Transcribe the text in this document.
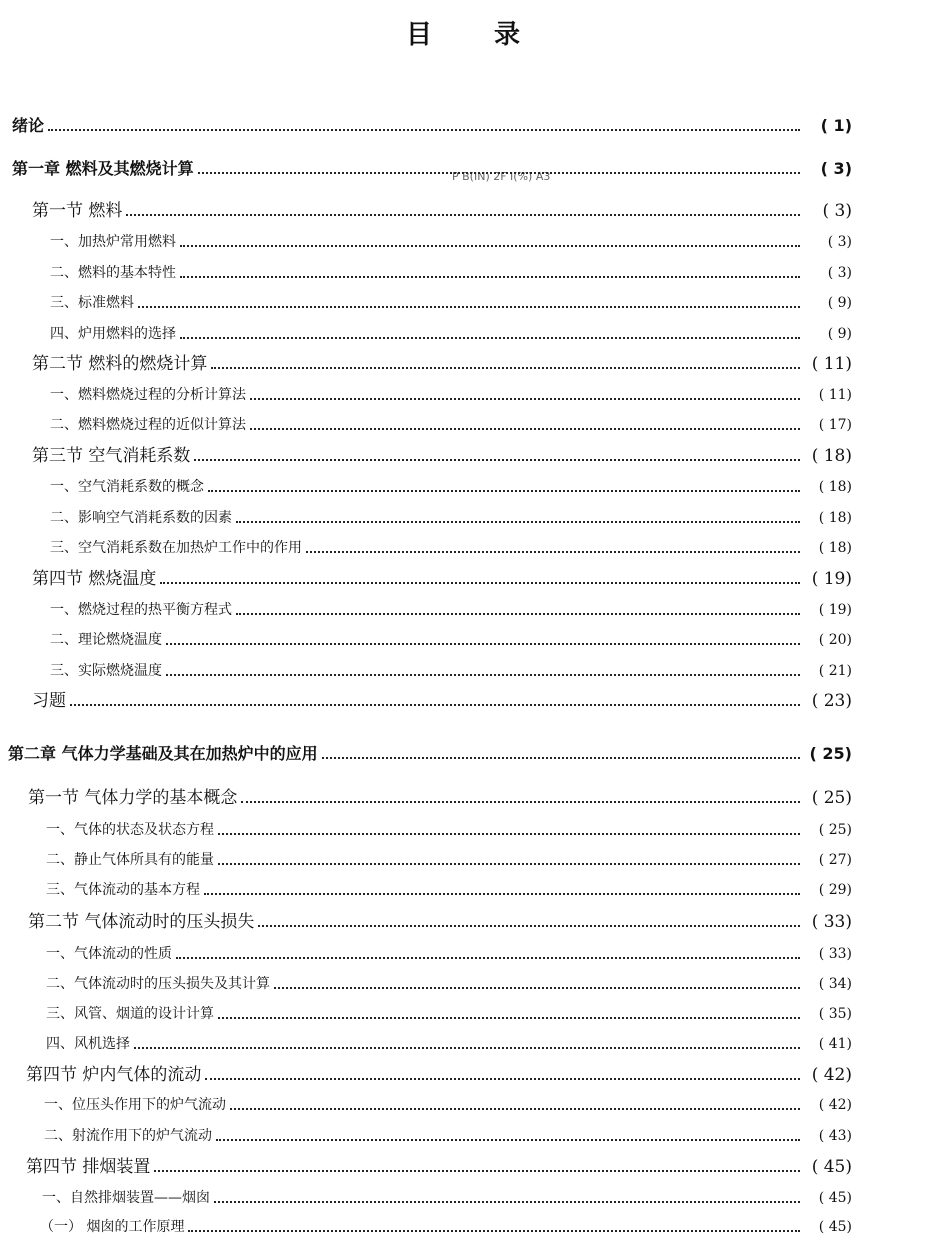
目 录
P B(IN) 2F I(%) A3
绪论	( 1)
第一章 燃料及其燃烧计算	( 3)
第一节 燃料	( 3)
一、加热炉常用燃料	( 3)
二、燃料的基本特性	( 3)
三、标准燃料	( 9)
四、炉用燃料的选择	( 9)
第二节 燃料的燃烧计算	( 11)
一、燃料燃烧过程的分析计算法	( 11)
二、燃料燃烧过程的近似计算法	( 17)
第三节 空气消耗系数	( 18)
一、空气消耗系数的概念	( 18)
二、影响空气消耗系数的因素	( 18)
三、空气消耗系数在加热炉工作中的作用	( 18)
第四节 燃烧温度	( 19)
一、燃烧过程的热平衡方程式	( 19)
二、理论燃烧温度	( 20)
三、实际燃烧温度	( 21)
习题	( 23)
第二章 气体力学基础及其在加热炉中的应用	( 25)
第一节 气体力学的基本概念	( 25)
一、气体的状态及状态方程	( 25)
二、静止气体所具有的能量	( 27)
三、气体流动的基本方程	( 29)
第二节 气体流动时的压头损失	( 33)
一、气体流动的性质	( 33)
二、气体流动时的压头损失及其计算	( 34)
三、风管、烟道的设计计算	( 35)
四、风机选择	( 41)
第四节 炉内气体的流动	( 42)
一、位压头作用下的炉气流动	( 42)
二、射流作用下的炉气流动	( 43)
第四节 排烟装置	( 45)
一、自然排烟装置——烟囱	( 45)
（一） 烟囱的工作原理	( 45)
